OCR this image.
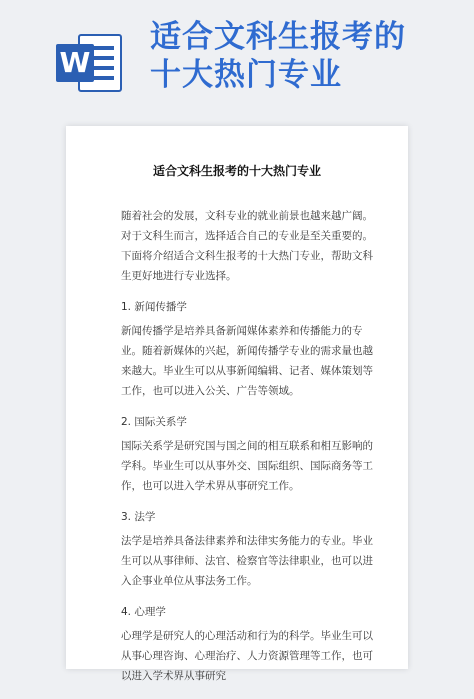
W
适合文科生报考的
十大热门专业
适合文科生报考的十大热门专业

随着社会的发展，文科专业的就业前景也越来越广阔。对于文科生而言，选择适合自己的专业是至关重要的。下面将介绍适合文科生报考的十大热门专业，帮助文科生更好地进行专业选择。

1. 新闻传播学

新闻传播学是培养具备新闻媒体素养和传播能力的专业。随着新媒体的兴起，新闻传播学专业的需求量也越来越大。毕业生可以从事新闻编辑、记者、媒体策划等工作，也可以进入公关、广告等领域。

2. 国际关系学

国际关系学是研究国与国之间的相互联系和相互影响的学科。毕业生可以从事外交、国际组织、国际商务等工作，也可以进入学术界从事研究工作。

3. 法学

法学是培养具备法律素养和法律实务能力的专业。毕业生可以从事律师、法官、检察官等法律职业，也可以进入企事业单位从事法务工作。

4. 心理学

心理学是研究人的心理活动和行为的科学。毕业生可以从事心理咨询、心理治疗、人力资源管理等工作，也可以进入学术界从事研究
